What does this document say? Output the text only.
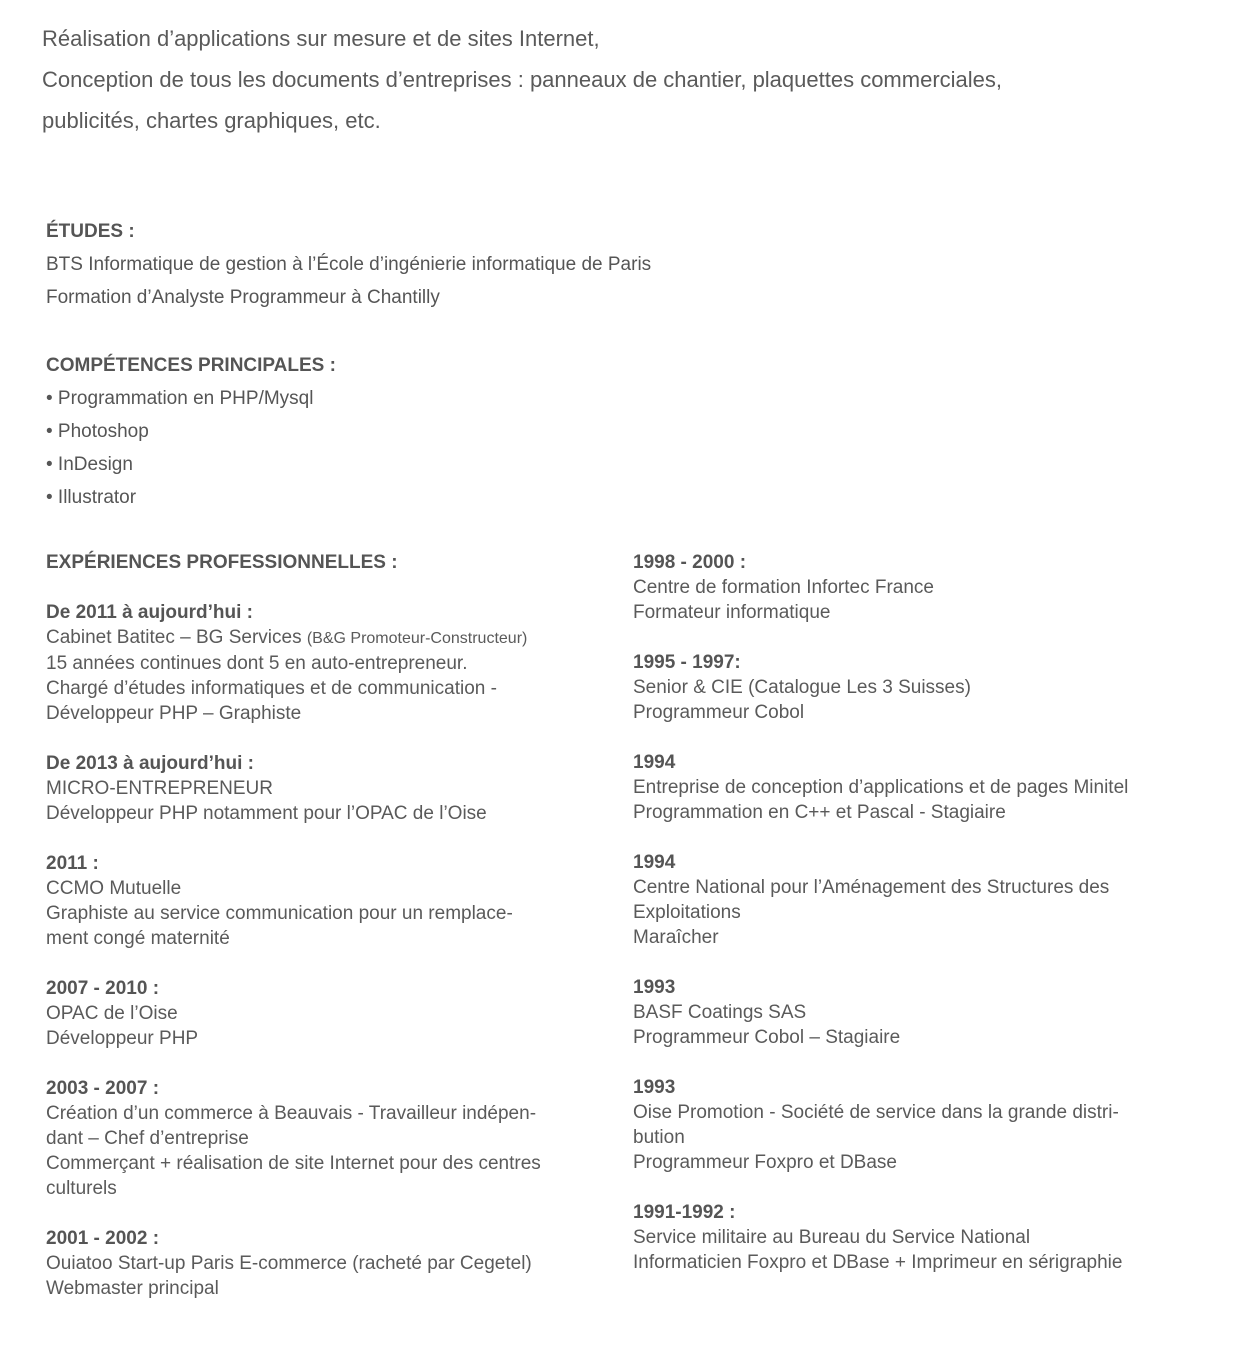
Réalisation d’applications sur mesure et de sites Internet,
Conception de tous les documents d’entreprises : panneaux de chantier, plaquettes commerciales,
publicités, chartes graphiques, etc.
ÉTUDES :
BTS Informatique de gestion à l’École d’ingénierie informatique de Paris
Formation d’Analyste Programmeur à Chantilly
COMPÉTENCES PRINCIPALES :
• Programmation en PHP/Mysql
• Photoshop
• InDesign
• Illustrator
EXPÉRIENCES PROFESSIONNELLES :
De 2011 à aujourd’hui :
Cabinet Batitec – BG Services (B&G Promoteur-Constructeur)
15 années continues dont 5 en auto-entrepreneur.
Chargé d’études informatiques et de communication -
Développeur PHP – Graphiste
De 2013 à aujourd’hui :
MICRO-ENTREPRENEUR
Développeur PHP notamment pour l’OPAC de l’Oise
2011 :
CCMO Mutuelle
Graphiste au service communication pour un remplace-
ment congé maternité
2007 - 2010 :
OPAC de l’Oise
Développeur PHP
2003 - 2007 :
Création d’un commerce à Beauvais - Travailleur indépen-
dant – Chef d’entreprise
Commerçant + réalisation de site Internet pour des centres
culturels
2001 - 2002 :
Ouiatoo Start-up Paris E-commerce (racheté par Cegetel)
Webmaster principal
1998 - 2000 :
Centre de formation Infortec France
Formateur informatique
1995 - 1997:
Senior & CIE (Catalogue Les 3 Suisses)
Programmeur Cobol
1994
Entreprise de conception d’applications et de pages Minitel
Programmation en C++ et Pascal - Stagiaire
1994
Centre National pour l’Aménagement des Structures des
Exploitations
Maraîcher
1993
BASF Coatings SAS
Programmeur Cobol – Stagiaire
1993
Oise Promotion - Société de service dans la grande distri-
bution
Programmeur Foxpro et DBase
1991-1992 :
Service militaire au Bureau du Service National
Informaticien Foxpro et DBase + Imprimeur en sérigraphie
